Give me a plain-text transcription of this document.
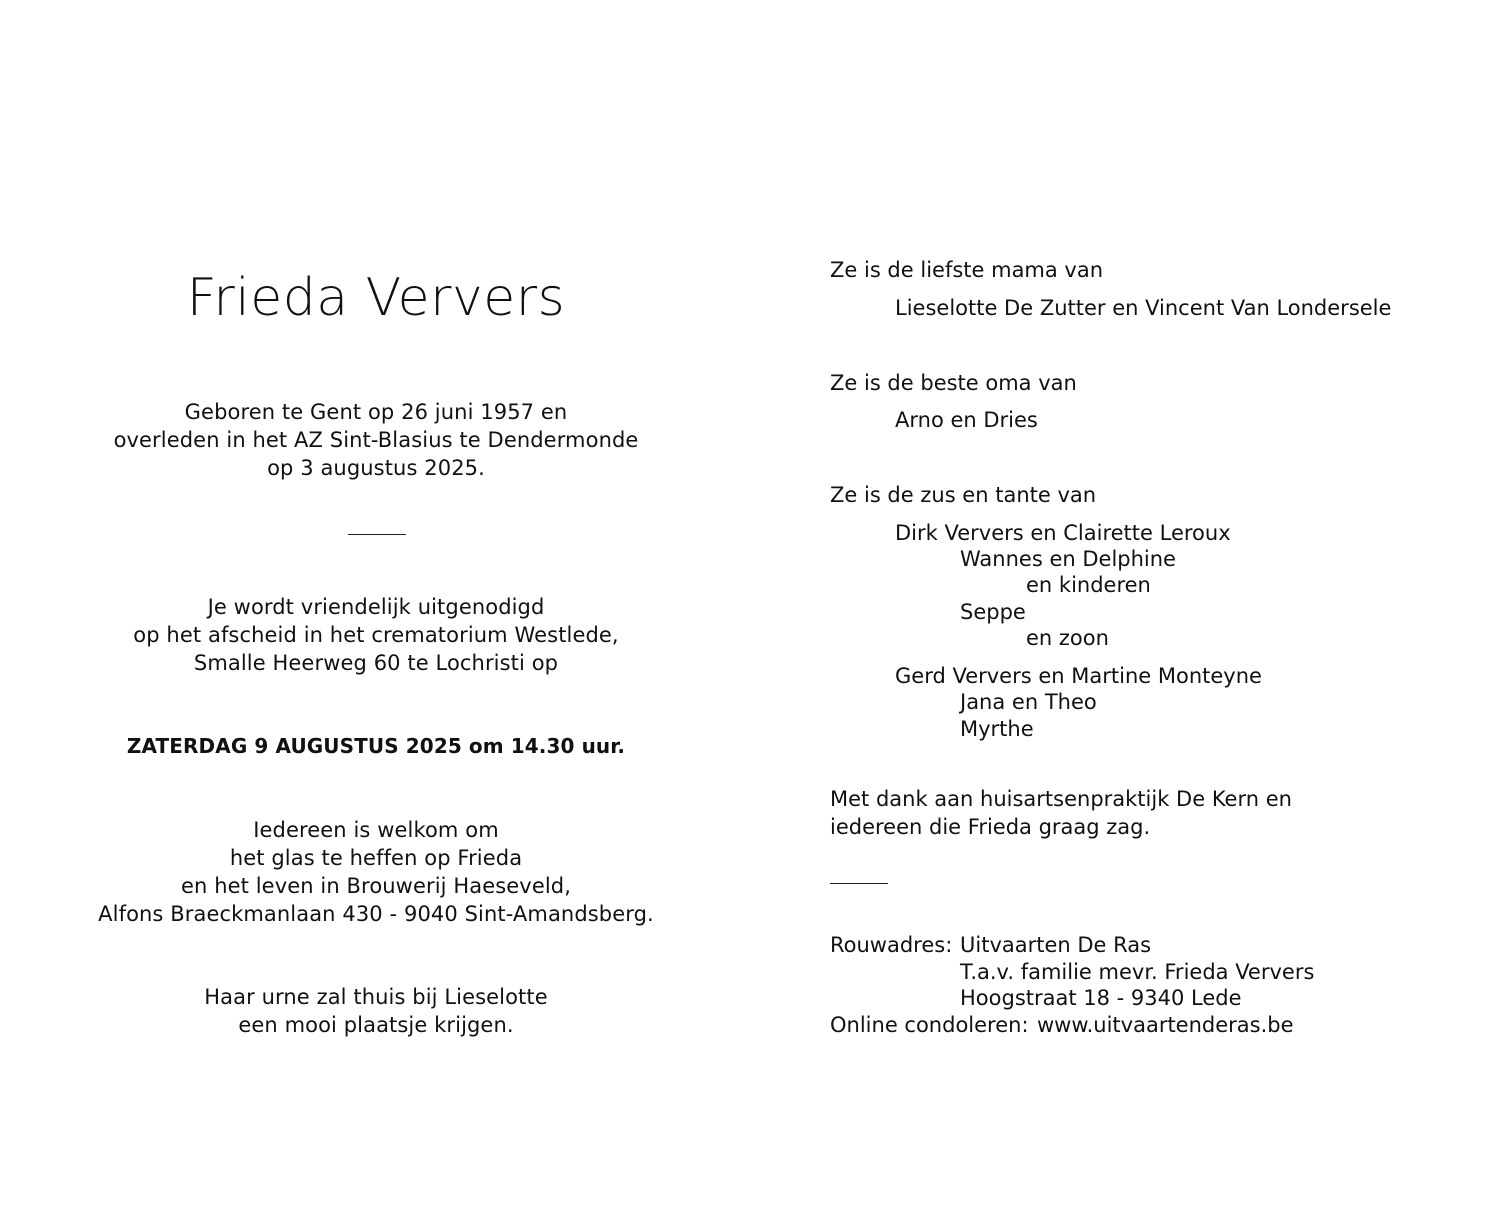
Frieda Ververs
Geboren te Gent op 26 juni 1957 en
overleden in het AZ Sint-Blasius te Dendermonde
op 3 augustus 2025.
Je wordt vriendelijk uitgenodigd
op het afscheid in het crematorium Westlede,
Smalle Heerweg 60 te Lochristi op
ZATERDAG 9 AUGUSTUS 2025 om 14.30 uur.
Iedereen is welkom om
het glas te heffen op Frieda
en het leven in Brouwerij Haeseveld,
Alfons Braeckmanlaan 430 - 9040 Sint-Amandsberg.
Haar urne zal thuis bij Lieselotte
een mooi plaatsje krijgen.
Ze is de liefste mama van
Lieselotte De Zutter en Vincent Van Londersele
Ze is de beste oma van
Arno en Dries
Ze is de zus en tante van
Dirk Ververs en Clairette Leroux
Wannes en Delphine
en kinderen
Seppe
en zoon
Gerd Ververs en Martine Monteyne
Jana en Theo
Myrthe
Met dank aan huisartsenpraktijk De Kern en
iedereen die Frieda graag zag.
Rouwadres: Uitvaarten De Ras
T.a.v. familie mevr. Frieda Ververs
Hoogstraat 18 - 9340 Lede
Online condoleren: www.uitvaartenderas.be
